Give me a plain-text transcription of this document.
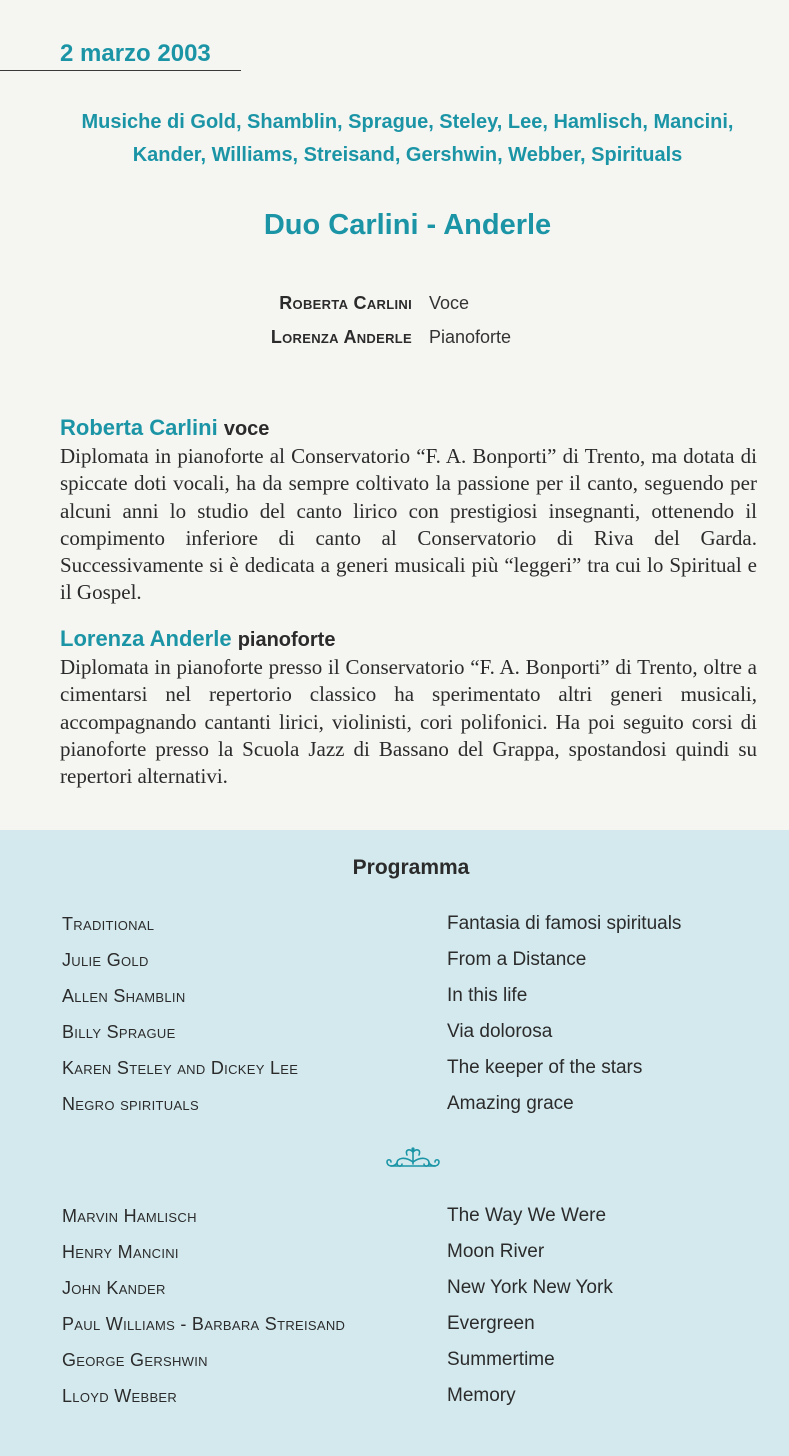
2 marzo 2003
Musiche di Gold, Shamblin, Sprague, Steley, Lee, Hamlisch, Mancini, Kander, Williams, Streisand, Gershwin, Webber, Spirituals
Duo Carlini - Anderle
Roberta Carlini Voce
Lorenza Anderle Pianoforte
Roberta Carlini voce
Diplomata in pianoforte al Conservatorio “F. A. Bonporti” di Trento, ma dotata di spiccate doti vocali, ha da sempre coltivato la passione per il canto, seguendo per alcuni anni lo studio del canto lirico con prestigiosi insegnanti, ottenendo il compimento inferiore di canto al Conservatorio di Riva del Garda. Successivamente si è dedicata a generi musicali più “leggeri” tra cui lo Spiritual e il Gospel.
Lorenza Anderle pianoforte
Diplomata in pianoforte presso il Conservatorio “F. A. Bonporti” di Trento, oltre a cimentarsi nel repertorio classico ha sperimentato altri generi musicali, accompagnando cantanti lirici, violinisti, cori polifonici. Ha poi seguito corsi di pianoforte presso la Scuola Jazz di Bassano del Grappa, spostandosi quindi su repertori alternativi.
Programma
Traditional	Fantasia di famosi spirituals
Julie Gold	From a Distance
Allen Shamblin	In this life
Billy Sprague	Via dolorosa
Karen Steley and Dickey Lee	The keeper of the stars
Negro spirituals	Amazing grace
Marvin Hamlisch	The Way We Were
Henry Mancini	Moon River
John Kander	New York New York
Paul Williams - Barbara Streisand	Evergreen
George Gershwin	Summertime
Lloyd Webber	Memory
